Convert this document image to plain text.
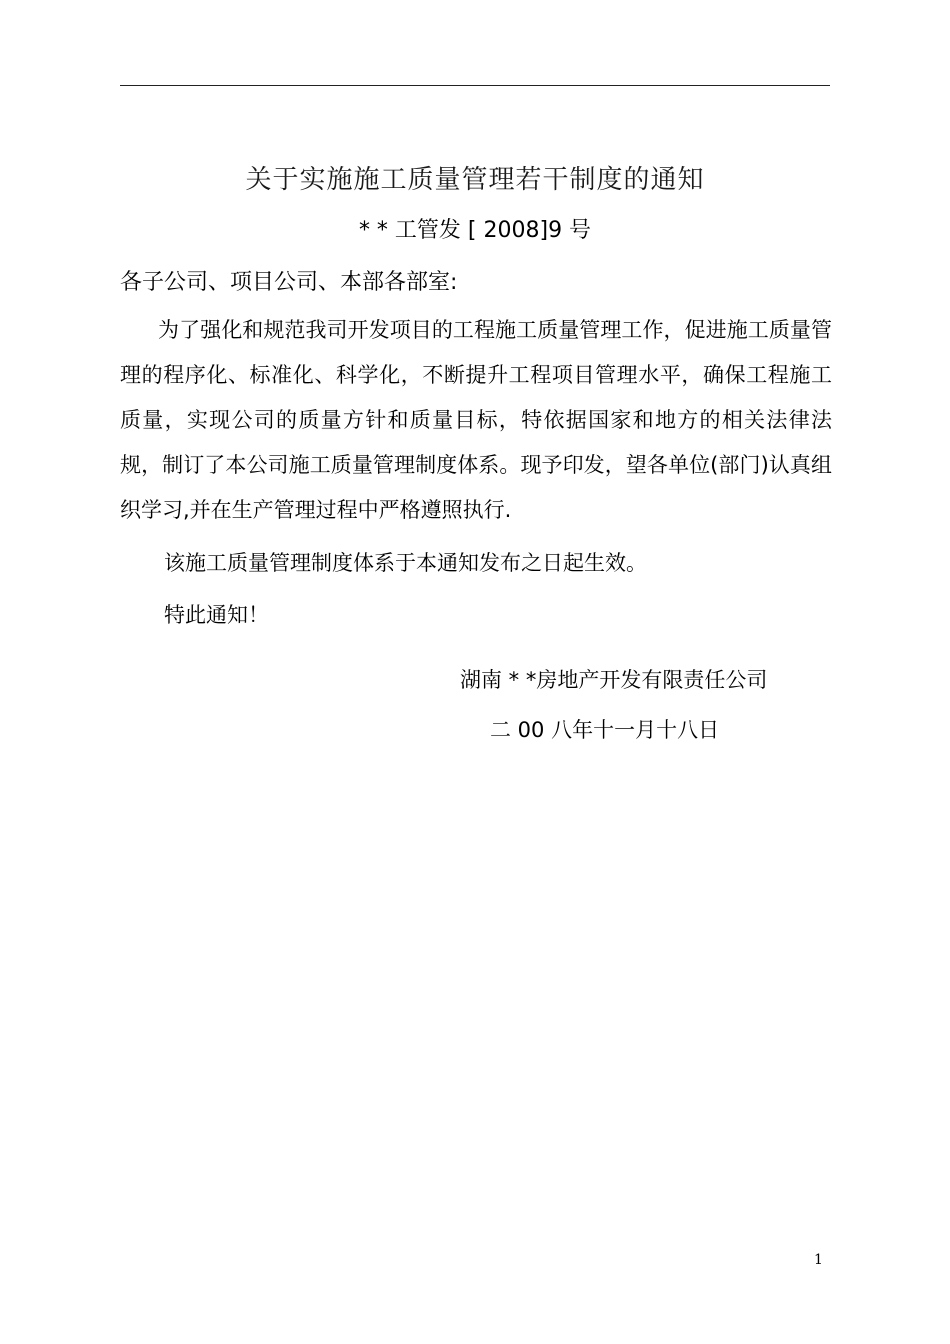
关于实施施工质量管理若干制度的通知
* * 工管发 [ 2008]9 号
各子公司、项目公司、本部各部室:

为了强化和规范我司开发项目的工程施工质量管理工作，促进施工质量管理的程序化、标准化、科学化，不断提升工程项目管理水平，确保工程施工质量，实现公司的质量方针和质量目标，特依据国家和地方的相关法律法规，制订了本公司施工质量管理制度体系。现予印发，望各单位(部门)认真组织学习,并在生产管理过程中严格遵照执行.

该施工质量管理制度体系于本通知发布之日起生效。

特此通知！

湖南 * *房地产开发有限责任公司
二 00 八年十一月十八日
1
